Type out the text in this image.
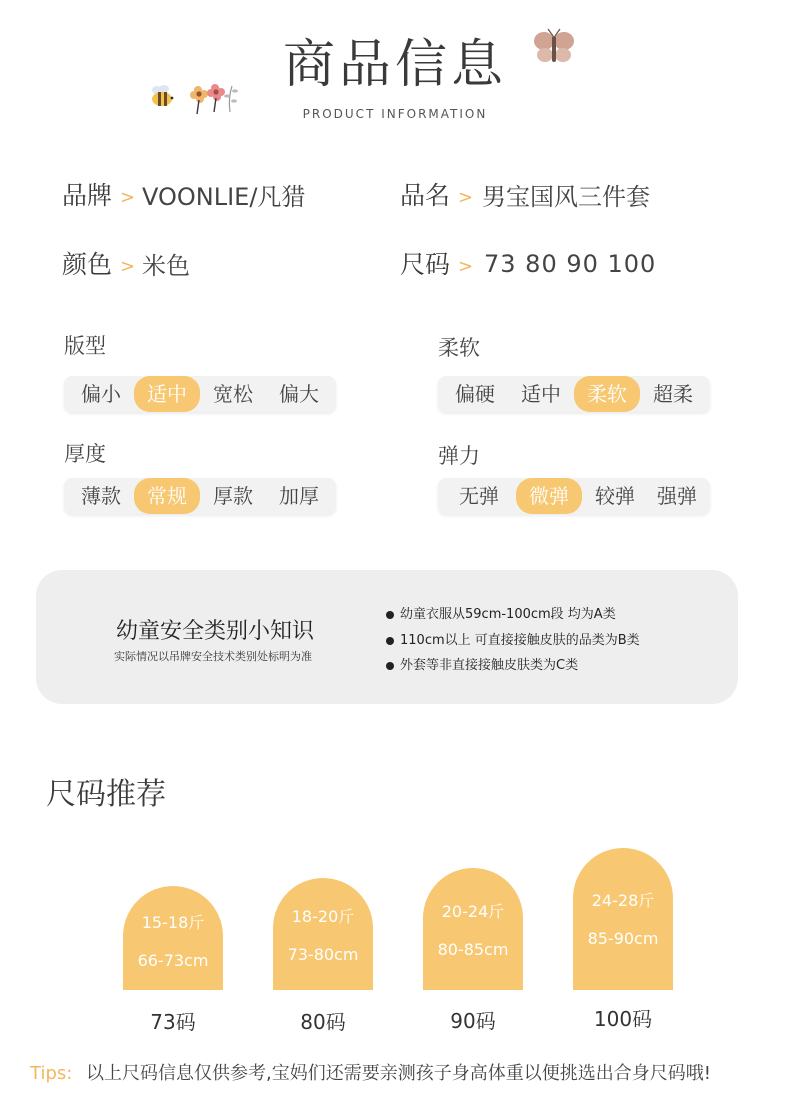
商品信息
PRODUCT INFORMATION
品牌 > VOONLIE/凡猎	品名 > 男宝国风三件套
颜色 > 米色	尺码 > 73 80 90 100
版型
偏小	适中	宽松	偏大
柔软
偏硬	适中	柔软	超柔
厚度
薄款	常规	厚款	加厚
弹力
无弹	微弹	较弹	强弹
幼童安全类别小知识
实际情况以吊牌安全技术类别处标明为准
幼童衣服从59cm-100cm段 均为A类
110cm以上 可直接接触皮肤的品类为B类
外套等非直接接触皮肤类为C类
尺码推荐
15-18斤
66-73cm
73码
18-20斤
73-80cm
80码
20-24斤
80-85cm
90码
24-28斤
85-90cm
100码
Tips: 以上尺码信息仅供参考,宝妈们还需要亲测孩子身高体重以便挑选出合身尺码哦!
